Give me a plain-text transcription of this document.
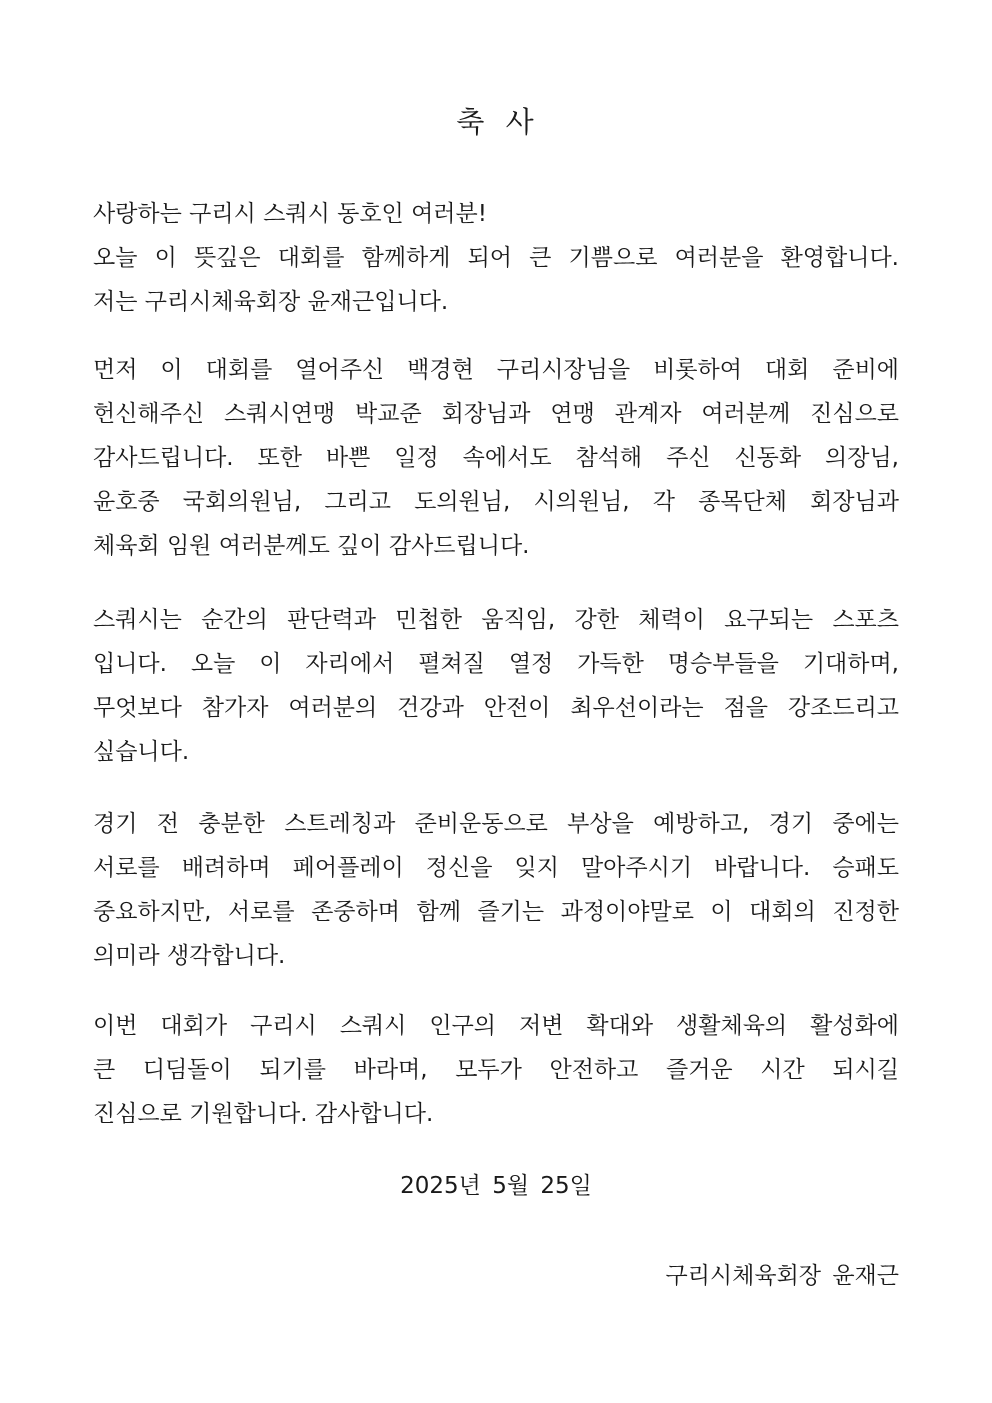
축 사
사랑하는 구리시 스쿼시 동호인 여러분!
오늘 이 뜻깊은 대회를 함께하게 되어 큰 기쁨으로 여러분을 환영합니다.
저는 구리시체육회장 윤재근입니다.
먼저 이 대회를 열어주신 백경현 구리시장님을 비롯하여 대회 준비에
헌신해주신 스쿼시연맹 박교준 회장님과 연맹 관계자 여러분께 진심으로
감사드립니다. 또한 바쁜 일정 속에서도 참석해 주신 신동화 의장님,
윤호중 국회의원님, 그리고 도의원님, 시의원님, 각 종목단체 회장님과
체육회 임원 여러분께도 깊이 감사드립니다.
스쿼시는 순간의 판단력과 민첩한 움직임, 강한 체력이 요구되는 스포츠
입니다. 오늘 이 자리에서 펼쳐질 열정 가득한 명승부들을 기대하며,
무엇보다 참가자 여러분의 건강과 안전이 최우선이라는 점을 강조드리고
싶습니다.
경기 전 충분한 스트레칭과 준비운동으로 부상을 예방하고, 경기 중에는
서로를 배려하며 페어플레이 정신을 잊지 말아주시기 바랍니다. 승패도
중요하지만, 서로를 존중하며 함께 즐기는 과정이야말로 이 대회의 진정한
의미라 생각합니다.
이번 대회가 구리시 스쿼시 인구의 저변 확대와 생활체육의 활성화에
큰 디딤돌이 되기를 바라며, 모두가 안전하고 즐거운 시간 되시길
진심으로 기원합니다. 감사합니다.
2025년 5월 25일
구리시체육회장 윤재근
